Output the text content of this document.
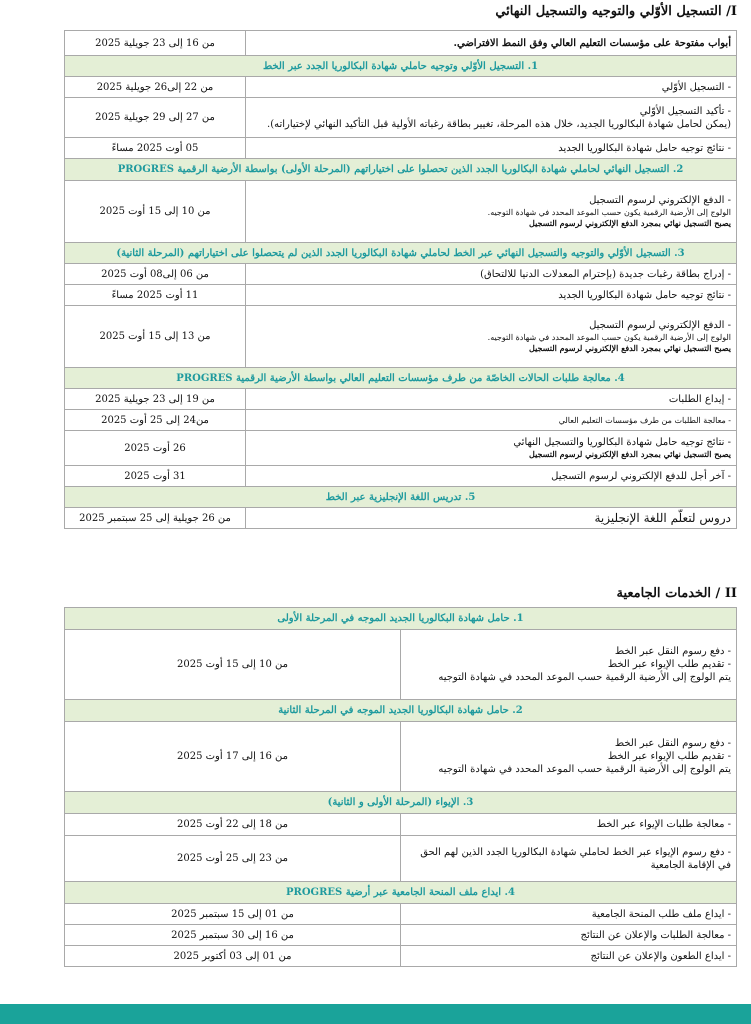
I/ التسجيل الأوّلي والتوجيه والتسجيل النهائي
أبواب مفتوحة على مؤسسات التعليم العالي وفق النمط الافتراضي.	من 16 إلى 23 جويلية 2025
1. التسجيل الأوّلي وتوجيه حاملي شهادة البكالوريا الجدد عبر الخط	

- التسجيل الأوّلي	من 22 إلى26 جويلية 2025

- تأكيد التسجيل الأوّلي
(يمكن لحامل شهادة البكالوريا الجديد، خلال هذه المرحلة، تغيير بطاقة رغباته الأولية قبل التأكيد النهائي لإختياراته).	من 27 إلى 29 جويلية 2025

- نتائج توجيه حامل شهادة البكالوريا الجديد	05 أوت 2025 مساءً
2. التسجيل النهائي لحاملي شهادة البكالوريا الجدد الذين تحصلوا على اختياراتهم (المرحلة الأولى) بواسطة الأرضية الرقمية PROGRES	

- الدفع الإلكتروني لرسوم التسجيل
الولوج إلى الأرضية الرقمية يكون حسب الموعد المحدد في شهادة التوجيه.
يصبح التسجيل نهائي بمجرد الدفع الإلكتروني لرسوم التسجيل	من 10 إلى 15 أوت 2025
3. التسجيل الأوّلي والتوجيه والتسجيل النهائي عبر الخط لحاملي شهادة البكالوريا الجدد الذين لم يتحصلوا على اختياراتهم (المرحلة الثانية)	

- إدراج بطاقة رغبات جديدة (بإحترام المعدلات الدنيا للالتحاق)	من 06 إلى08 أوت 2025

- نتائج توجيه حامل شهادة البكالوريا الجديد	11 أوت 2025 مساءً

- الدفع الإلكتروني لرسوم التسجيل
الولوج إلى الأرضية الرقمية يكون حسب الموعد المحدد في شهادة التوجيه.
يصبح التسجيل نهائي بمجرد الدفع الإلكتروني لرسوم التسجيل	من 13 إلى 15 أوت 2025
4. معالجة طلبات الحالات الخاصّة من طرف مؤسسات التعليم العالي بواسطة الأرضية الرقمية PROGRES	

- إيداع الطلبات	من 19 إلى 23 جويلية 2025

- معالجة الطلبات من طرف مؤسسات التعليم العالي	من24 إلى 25 أوت 2025

- نتائج توجيه حامل شهادة البكالوريا والتسجيل النهائي
يصبح التسجيل نهائي بمجرد الدفع الإلكتروني لرسوم التسجيل	26 أوت 2025

- آخر أجل للدفع الإلكتروني لرسوم التسجيل	31 أوت 2025
5. تدريس اللغة الإنجليزية عبر الخط	

دروس لتعلّم اللغة الإنجليزية	من 26 جويلية إلى 25 سبتمبر 2025
II / الخدمات الجامعية
1. حامل شهادة البكالوريا الجديد الموجه في المرحلة الأولى	

- دفع رسوم النقل عبر الخط
- تقديم طلب الإيواء عبر الخط
يتم الولوج إلى الأرضية الرقمية حسب الموعد المحدد في شهادة التوجيه	من 10 إلى 15 أوت 2025
2. حامل شهادة البكالوريا الجديد الموجه في المرحلة الثانية	

- دفع رسوم النقل عبر الخط
- تقديم طلب الإيواء عبر الخط
يتم الولوج إلى الأرضية الرقمية حسب الموعد المحدد في شهادة التوجيه	من 16 إلى 17 أوت 2025
3. الإيواء (المرحلة الأولى و الثانية)	

- معالجة طلبات الإيواء عبر الخط	من 18 إلى 22 أوت 2025

- دفع رسوم الإيواء عبر الخط لحاملي شهادة البكالوريا الجدد الذين لهم الحق في الإقامة الجامعية	من 23 إلى 25 أوت 2025
4. ايداع ملف المنحة الجامعية عبر أرضية PROGRES	

- ايداع ملف طلب المنحة الجامعية	من 01 إلى 15 سبتمبر 2025

- معالجة الطلبات والإعلان عن النتائج	من 16 إلى 30 سبتمبر 2025

- ايداع الطعون والإعلان عن النتائج	من 01 إلى 03 أكتوبر 2025
